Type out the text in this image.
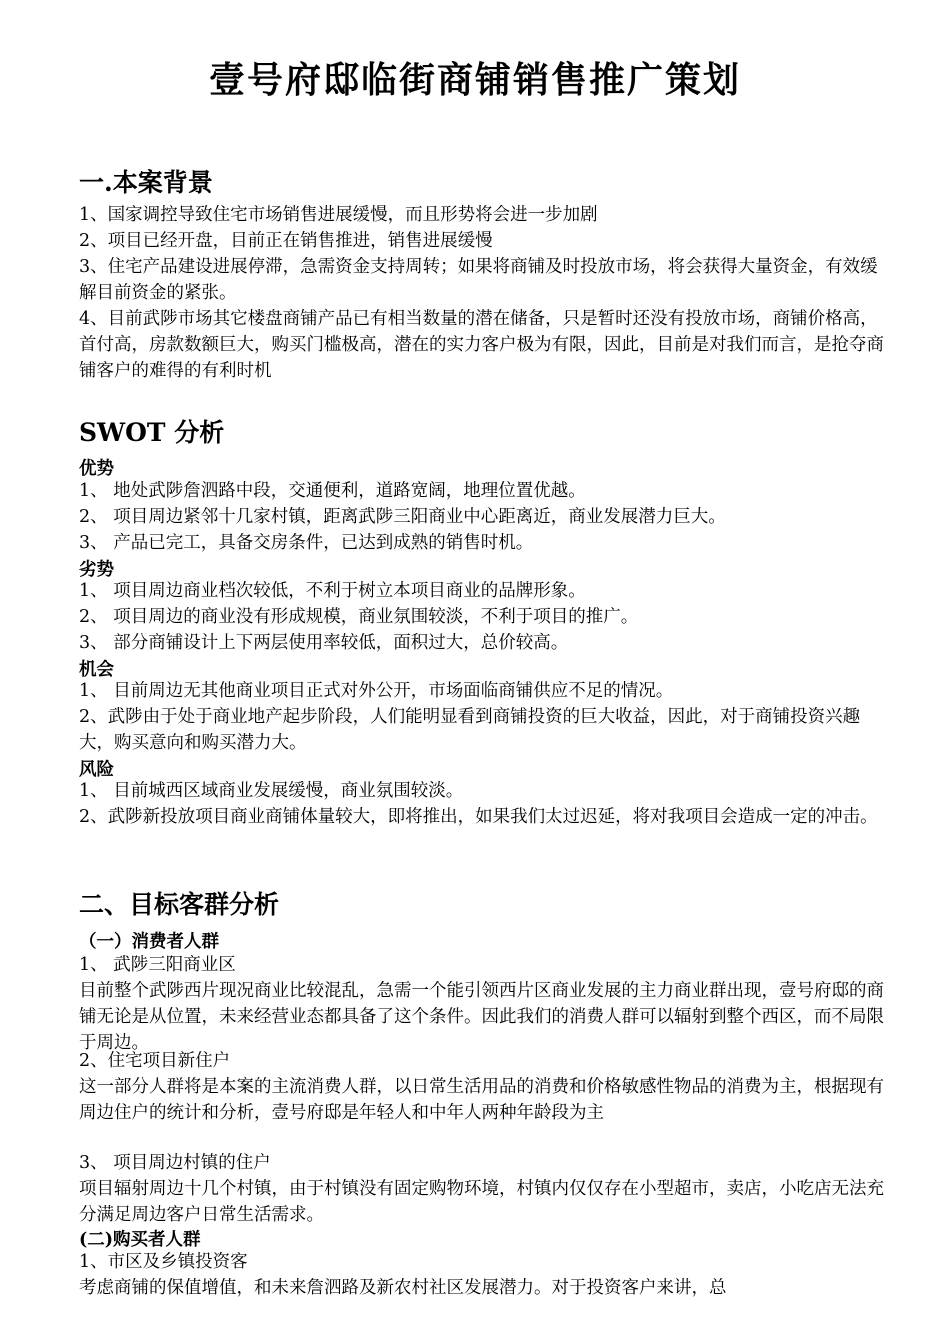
壹号府邸临街商铺销售推广策划
一.本案背景
1、国家调控导致住宅市场销售进展缓慢，而且形势将会进一步加剧
2、项目已经开盘，目前正在销售推进，销售进展缓慢
3、住宅产品建设进展停滞，急需资金支持周转；如果将商铺及时投放市场，将会获得大量资金，有效缓解目前资金的紧张。
4、目前武陟市场其它楼盘商铺产品已有相当数量的潜在储备，只是暂时还没有投放市场，商铺价格高，首付高，房款数额巨大，购买门槛极高，潜在的实力客户极为有限，因此，目前是对我们而言，是抢夺商铺客户的难得的有利时机
SWOT 分析
优势
1、 地处武陟詹泗路中段，交通便利，道路宽阔，地理位置优越。
2、 项目周边紧邻十几家村镇，距离武陟三阳商业中心距离近，商业发展潜力巨大。
3、 产品已完工，具备交房条件，已达到成熟的销售时机。
劣势
1、 项目周边商业档次较低，不利于树立本项目商业的品牌形象。
2、 项目周边的商业没有形成规模，商业氛围较淡，不利于项目的推广。
3、 部分商铺设计上下两层使用率较低，面积过大，总价较高。
机会
1、 目前周边无其他商业项目正式对外公开，市场面临商铺供应不足的情况。
2、武陟由于处于商业地产起步阶段，人们能明显看到商铺投资的巨大收益，因此，对于商铺投资兴趣大，购买意向和购买潜力大。
风险
1、 目前城西区域商业发展缓慢，商业氛围较淡。
2、武陟新投放项目商业商铺体量较大，即将推出，如果我们太过迟延，将对我项目会造成一定的冲击。
二、目标客群分析
（一）消费者人群
1、 武陟三阳商业区
目前整个武陟西片现况商业比较混乱，急需一个能引领西片区商业发展的主力商业群出现，壹号府邸的商铺无论是从位置，未来经营业态都具备了这个条件。因此我们的消费人群可以辐射到整个西区，而不局限于周边。
2、住宅项目新住户
这一部分人群将是本案的主流消费人群，以日常生活用品的消费和价格敏感性物品的消费为主，根据现有周边住户的统计和分析，壹号府邸是年轻人和中年人两种年龄段为主
3、 项目周边村镇的住户
项目辐射周边十几个村镇，由于村镇没有固定购物环境，村镇内仅仅存在小型超市，卖店，小吃店无法充分满足周边客户日常生活需求。
(二)购买者人群
1、市区及乡镇投资客
考虑商铺的保值增值，和未来詹泗路及新农村社区发展潜力。对于投资客户来讲，总
